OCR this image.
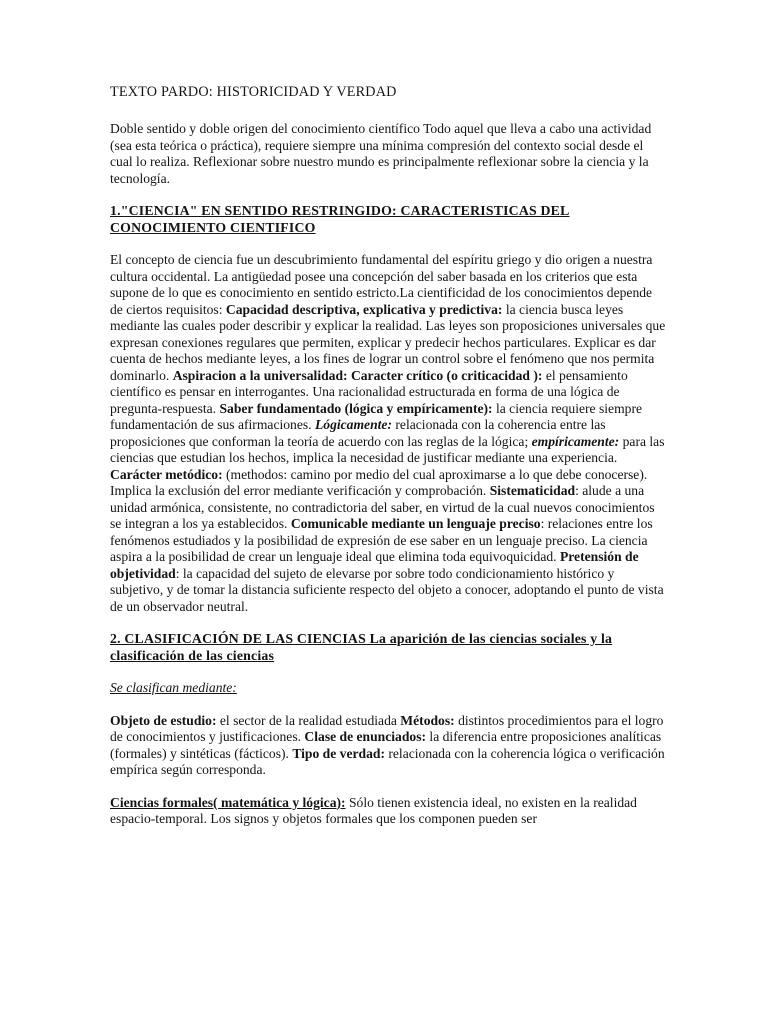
TEXTO PARDO: HISTORICIDAD Y VERDAD

Doble sentido y doble origen del conocimiento científico Todo aquel que lleva a cabo una actividad (sea esta teórica o práctica), requiere siempre una mínima compresión del contexto social desde el cual lo realiza. Reflexionar sobre nuestro mundo es principalmente reflexionar sobre la ciencia y la tecnología.

1."CIENCIA" EN SENTIDO RESTRINGIDO: CARACTERISTICAS DEL CONOCIMIENTO CIENTIFICO

El concepto de ciencia fue un descubrimiento fundamental del espíritu griego y dio origen a nuestra cultura occidental. La antigüedad posee una concepción del saber basada en los criterios que esta supone de lo que es conocimiento en sentido estricto.La cientificidad de los conocimientos depende de ciertos requisitos: Capacidad descriptiva, explicativa y predictiva: la ciencia busca leyes mediante las cuales poder describir y explicar la realidad. Las leyes son proposiciones universales que expresan conexiones regulares que permiten, explicar y predecir hechos particulares. Explicar es dar cuenta de hechos mediante leyes, a los fines de lograr un control sobre el fenómeno que nos permita dominarlo. Aspiracion a la universalidad: Caracter crítico (o criticacidad ): el pensamiento científico es pensar en interrogantes. Una racionalidad estructurada en forma de una lógica de pregunta-respuesta. Saber fundamentado (lógica y empíricamente): la ciencia requiere siempre fundamentación de sus afirmaciones. Lógicamente: relacionada con la coherencia entre las proposiciones que conforman la teoría de acuerdo con las reglas de la lógica; empíricamente: para las ciencias que estudian los hechos, implica la necesidad de justificar mediante una experiencia. Carácter metódico: (methodos: camino por medio del cual aproximarse a lo que debe conocerse). Implica la exclusión del error mediante verificación y comprobación. Sistematicidad: alude a una unidad armónica, consistente, no contradictoria del saber, en virtud de la cual nuevos conocimientos se integran a los ya establecidos. Comunicable mediante un lenguaje preciso: relaciones entre los fenómenos estudiados y la posibilidad de expresión de ese saber en un lenguaje preciso. La ciencia aspira a la posibilidad de crear un lenguaje ideal que elimina toda equivoquicidad. Pretensión de objetividad: la capacidad del sujeto de elevarse por sobre todo condicionamiento histórico y subjetivo, y de tomar la distancia suficiente respecto del objeto a conocer, adoptando el punto de vista de un observador neutral.

2. CLASIFICACIÓN DE LAS CIENCIAS La aparición de las ciencias sociales y la clasificación de las ciencias

Se clasifican mediante:

Objeto de estudio: el sector de la realidad estudiada Métodos: distintos procedimientos para el logro de conocimientos y justificaciones. Clase de enunciados: la diferencia entre proposiciones analíticas (formales) y sintéticas (fácticos). Tipo de verdad: relacionada con la coherencia lógica o verificación empírica según corresponda.

Ciencias formales( matemática y lógica): Sólo tienen existencia ideal, no existen en la realidad espacio-temporal. Los signos y objetos formales que los componen pueden ser
